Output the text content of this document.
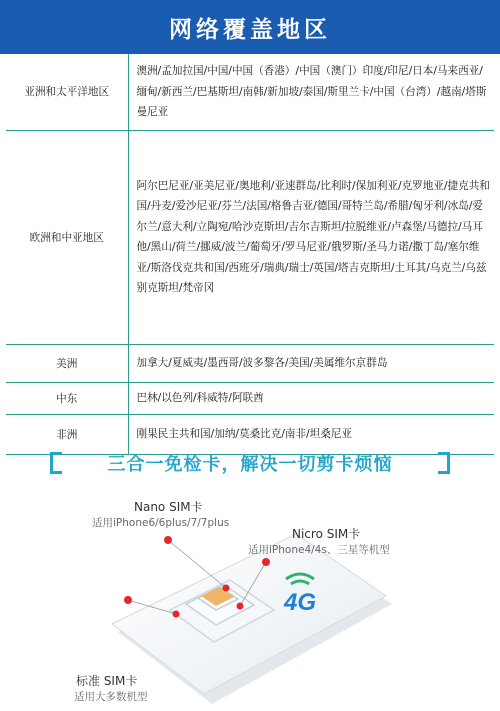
网络覆盖地区
亚洲和太平洋地区	澳洲/孟加拉国/中国/中国（香港）/中国（澳门）印度/印尼/日本/马来西亚/缅甸/新西兰/巴基斯坦/南韩/新加坡/泰国/斯里兰卡/中国（台湾）/越南/塔斯曼尼亚
欧洲和中亚地区	阿尔巴尼亚/亚美尼亚/奥地利/亚速群岛/比利时/保加利亚/克罗地亚/捷克共和国/丹麦/爱沙尼亚/芬兰/法国/格鲁吉亚/德国/哥特兰岛/希腊/匈牙利/冰岛/爱尔兰/意大利/立陶宛/哈沙克斯坦/吉尔吉斯坦/拉脱维亚/卢森堡/马德拉/马耳他/黑山/荷兰/挪威/波兰/葡萄牙/罗马尼亚/俄罗斯/圣马力诺/撒丁岛/塞尔维亚/斯洛伐克共和国/西班牙/瑞典/瑞士/英国/塔吉克斯坦/土耳其/乌克兰/乌兹别克斯坦/梵帝冈
美洲	加拿大/夏威夷/墨西哥/波多黎各/美国/美属维尔京群岛
中东	巴林/以色列/科威特/阿联酋
非洲	刚果民主共和国/加纳/莫桑比克/南非/坦桑尼亚
三合一免检卡，解决一切剪卡烦恼
4G
Nano SIM卡
适用iPhone6/6plus/7/7plus
Nicro SIM卡
适用iPhone4/4s、三星等机型
标准 SIM卡
适用大多数机型
